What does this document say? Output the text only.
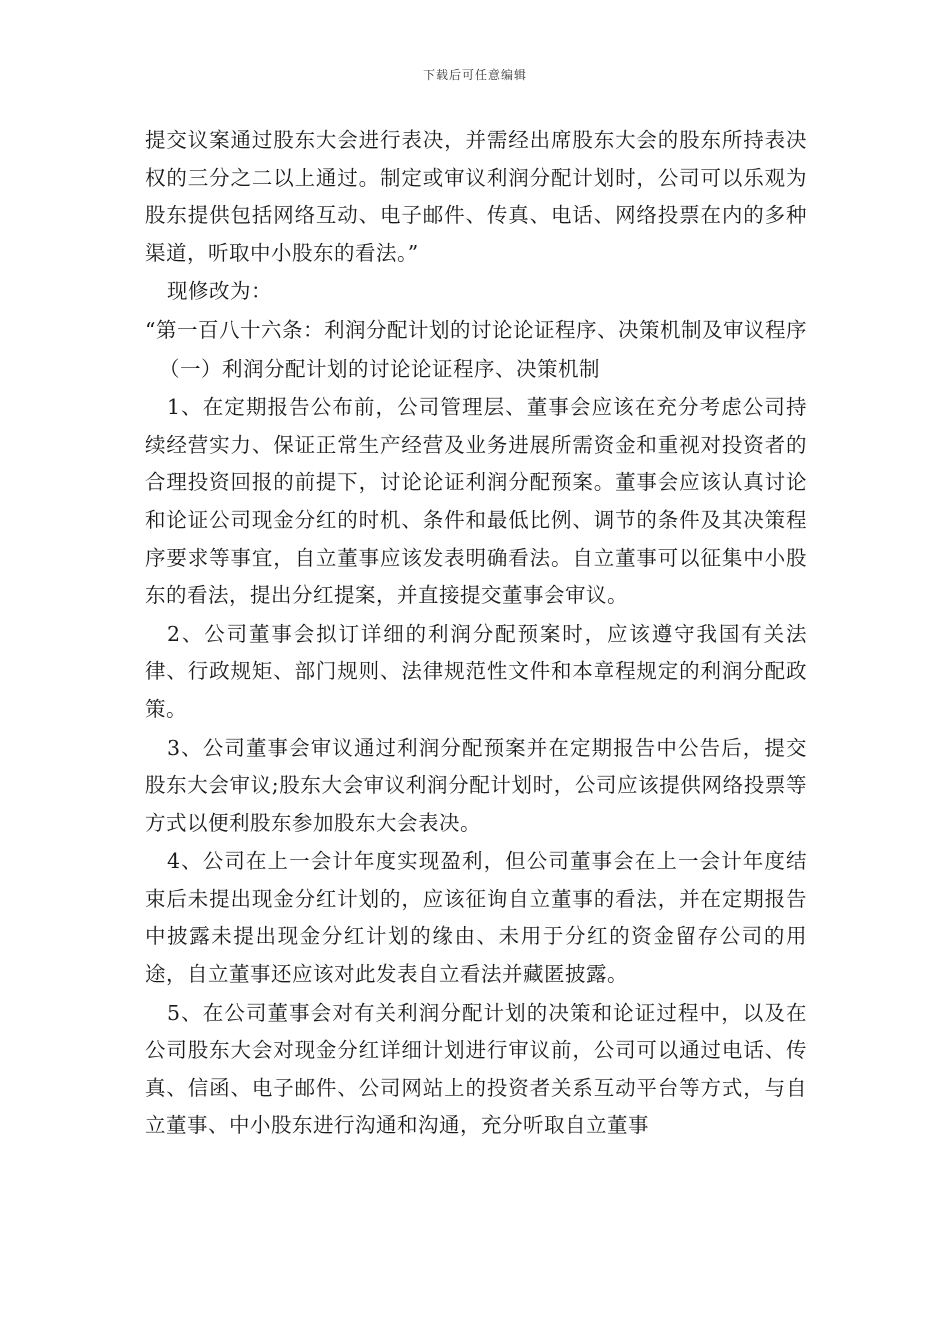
下载后可任意编辑

提交议案通过股东大会进行表决，并需经出席股东大会的股东所持表决权的三分之二以上通过。制定或审议利润分配计划时，公司可以乐观为股东提供包括网络互动、电子邮件、传真、电话、网络投票在内的多种渠道，听取中小股东的看法。”

现修改为：

“第一百八十六条：利润分配计划的讨论论证程序、决策机制及审议程序

（一）利润分配计划的讨论论证程序、决策机制

1、在定期报告公布前，公司管理层、董事会应该在充分考虑公司持续经营实力、保证正常生产经营及业务进展所需资金和重视对投资者的合理投资回报的前提下，讨论论证利润分配预案。董事会应该认真讨论和论证公司现金分红的时机、条件和最低比例、调节的条件及其决策程序要求等事宜，自立董事应该发表明确看法。自立董事可以征集中小股东的看法，提出分红提案，并直接提交董事会审议。

2、公司董事会拟订详细的利润分配预案时，应该遵守我国有关法律、行政规矩、部门规则、法律规范性文件和本章程规定的利润分配政策。

3、公司董事会审议通过利润分配预案并在定期报告中公告后，提交股东大会审议;股东大会审议利润分配计划时，公司应该提供网络投票等方式以便利股东参加股东大会表决。

4、公司在上一会计年度实现盈利，但公司董事会在上一会计年度结束后未提出现金分红计划的，应该征询自立董事的看法，并在定期报告中披露未提出现金分红计划的缘由、未用于分红的资金留存公司的用途，自立董事还应该对此发表自立看法并藏匿披露。

5、在公司董事会对有关利润分配计划的决策和论证过程中，以及在公司股东大会对现金分红详细计划进行审议前，公司可以通过电话、传真、信函、电子邮件、公司网站上的投资者关系互动平台等方式，与自立董事、中小股东进行沟通和沟通，充分听取自立董事
